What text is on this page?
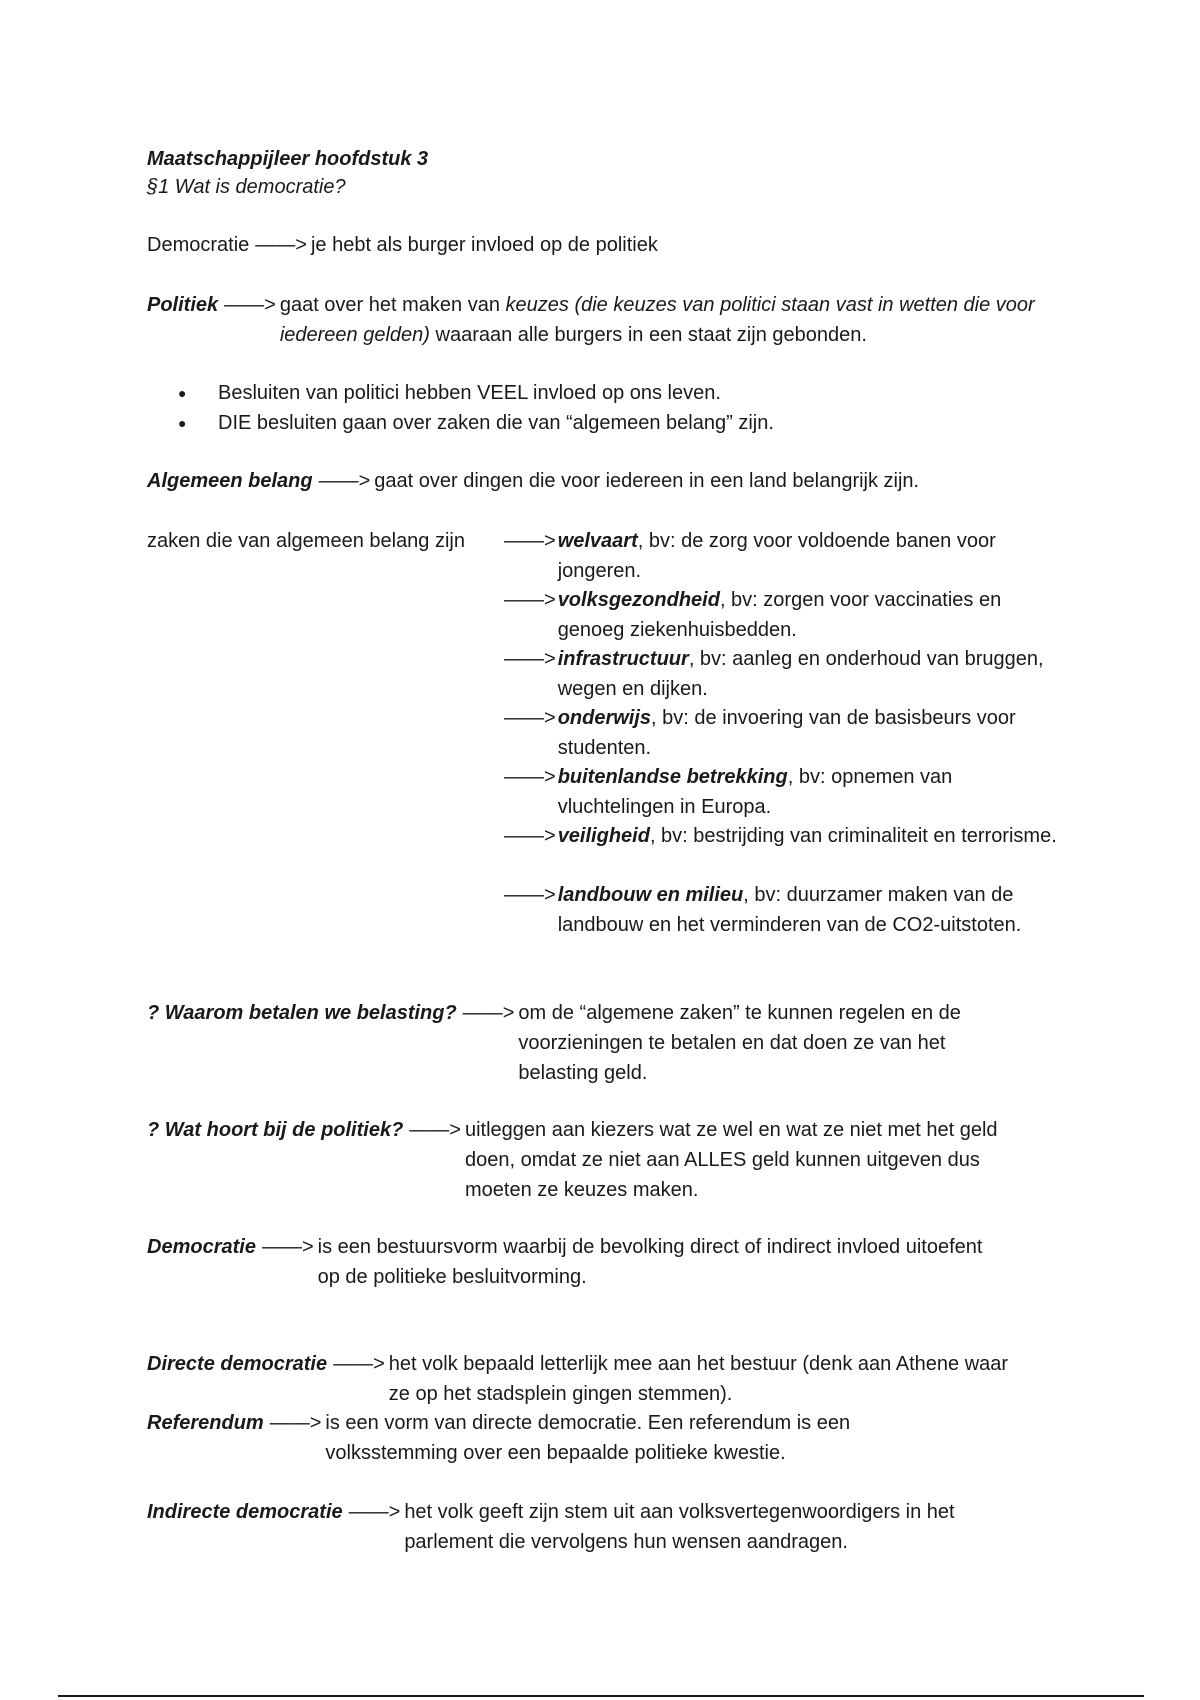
Maatschappijleer hoofdstuk 3
§1 Wat is democratie?
Democratie ——> je hebt als burger invloed op de politiek
Politiek ——> gaat over het maken van keuzes (die keuzes van politici staan vast in wetten die voor iedereen gelden) waaraan alle burgers in een staat zijn gebonden.
● Besluiten van politici hebben VEEL invloed op ons leven.
● DIE besluiten gaan over zaken die van “algemeen belang” zijn.
Algemeen belang ——> gaat over dingen die voor iedereen in een land belangrijk zijn.
zaken die van algemeen belang zijn	——> welvaart, bv: de zorg voor voldoende banen voor jongeren.
——> volksgezondheid, bv: zorgen voor vaccinaties en genoeg ziekenhuisbedden.
——> infrastructuur, bv: aanleg en onderhoud van bruggen, wegen en dijken.
——> onderwijs, bv: de invoering van de basisbeurs voor studenten.
——> buitenlandse betrekking, bv: opnemen van vluchtelingen in Europa.
——> veiligheid, bv: bestrijding van criminaliteit en terrorisme.
——> landbouw en milieu, bv: duurzamer maken van de landbouw en het verminderen van de CO2-uitstoten.
? Waarom betalen we belasting? ——> om de “algemene zaken” te kunnen regelen en de voorzieningen te betalen en dat doen ze van het belasting geld.
? Wat hoort bij de politiek? ——> uitleggen aan kiezers wat ze wel en wat ze niet met het geld doen, omdat ze niet aan ALLES geld kunnen uitgeven dus moeten ze keuzes maken.
Democratie ——> is een bestuursvorm waarbij de bevolking direct of indirect invloed uitoefent op de politieke besluitvorming.
Directe democratie ——> het volk bepaald letterlijk mee aan het bestuur (denk aan Athene waar ze op het stadsplein gingen stemmen).
Referendum ——> is een vorm van directe democratie. Een referendum is een volksstemming over een bepaalde politieke kwestie.
Indirecte democratie ——> het volk geeft zijn stem uit aan volksvertegenwoordigers in het parlement die vervolgens hun wensen aandragen.
